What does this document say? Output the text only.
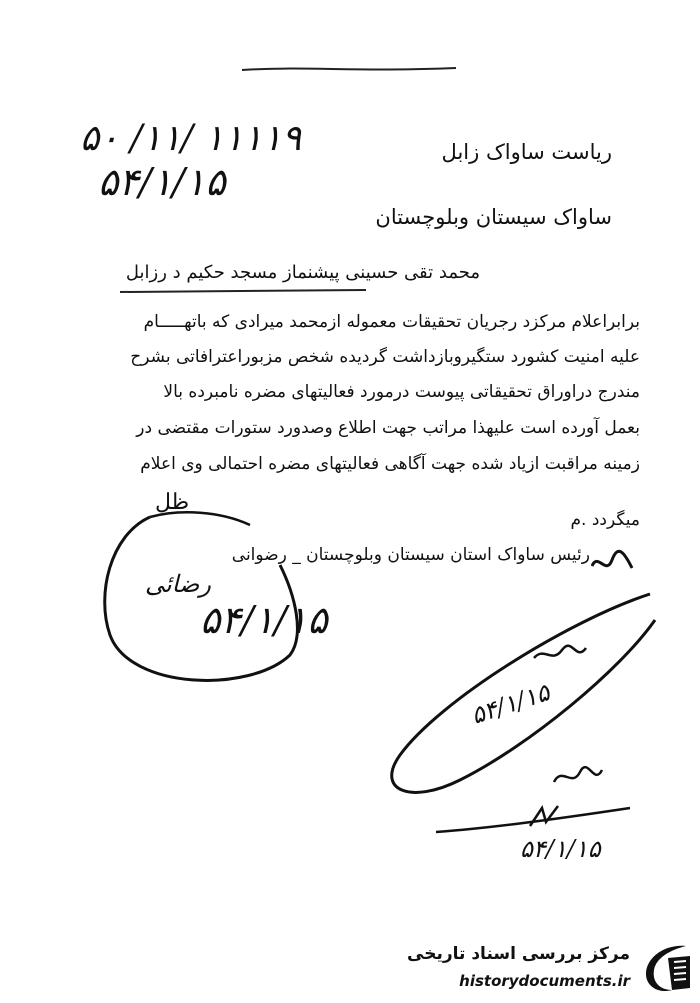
۱۱۱۱۹ /۱۱/ ۵۰
۵۴/۱/۱۵
ریاست ساواک زابل
ساواک سیستان وبلوچستان
محمد تقی حسینی پیشنماز مسجد حکیم د رزابل
برابراعلام مرکزد رجریان تحقیقات معموله ازمحمد میرادی که باتهـــــام
علیه امنیت کشورد ستگیروبازداشت گردیده شخص مزبوراعترافاتی بشرح
مندرج دراوراق تحقیقاتی پیوست درمورد فعالیتهای مضره نامبرده بالا
بعمل آورده است علیهذا مراتب جهت اطلاع وصدورد ستورات مقتضی در
زمینه مراقبت ازیاد شده جهت آگاهی فعالیتهای مضره احتمالی وی اعلام
میگردد .م
ظل
رئیس ساواک استان سیستان وبلوچستان _ رضوانی
رضائی
۵۴/۱/۱۵
۵۴/۱/۱۵
۵۴/۱/۱۵
مرکز بررسی اسناد تاریخی
historydocuments.ir
